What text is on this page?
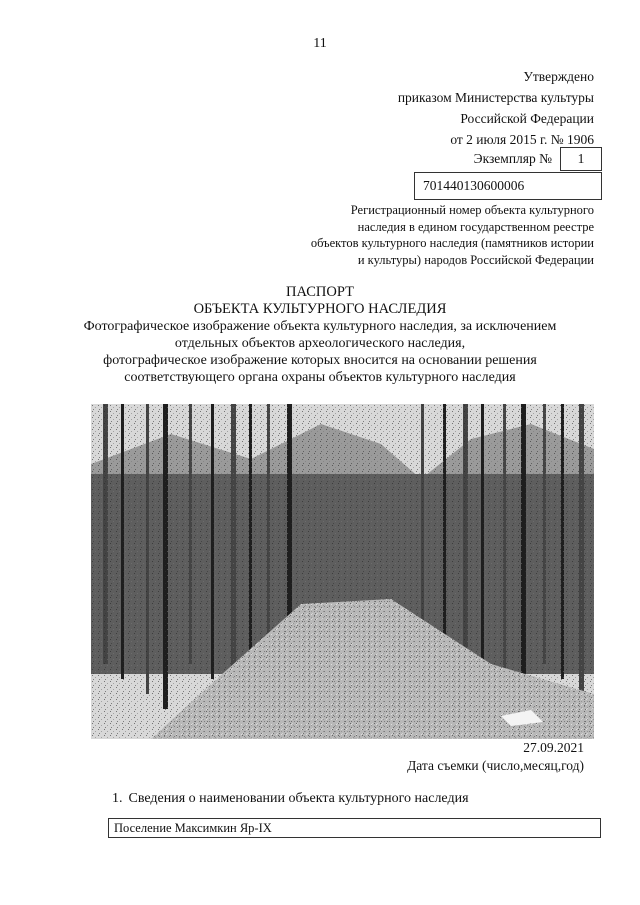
11
Утверждено
приказом Министерства культуры
Российской Федерации
от 2 июля 2015 г. № 1906
Экземпляр № 1
701440130600006
Регистрационный номер объекта культурного
наследия в едином государственном реестре
объектов культурного наследия (памятников истории
и культуры) народов Российской Федерации
ПАСПОРТ
ОБЪЕКТА КУЛЬТУРНОГО НАСЛЕДИЯ
Фотографическое изображение объекта культурного наследия, за исключением
отдельных объектов археологического наследия,
фотографическое изображение которых вносится на основании решения
соответствующего органа охраны объектов культурного наследия
27.09.2021
Дата съемки (число,месяц,год)
1. Сведения о наименовании объекта культурного наследия
Поселение Максимкин Яр-IX
